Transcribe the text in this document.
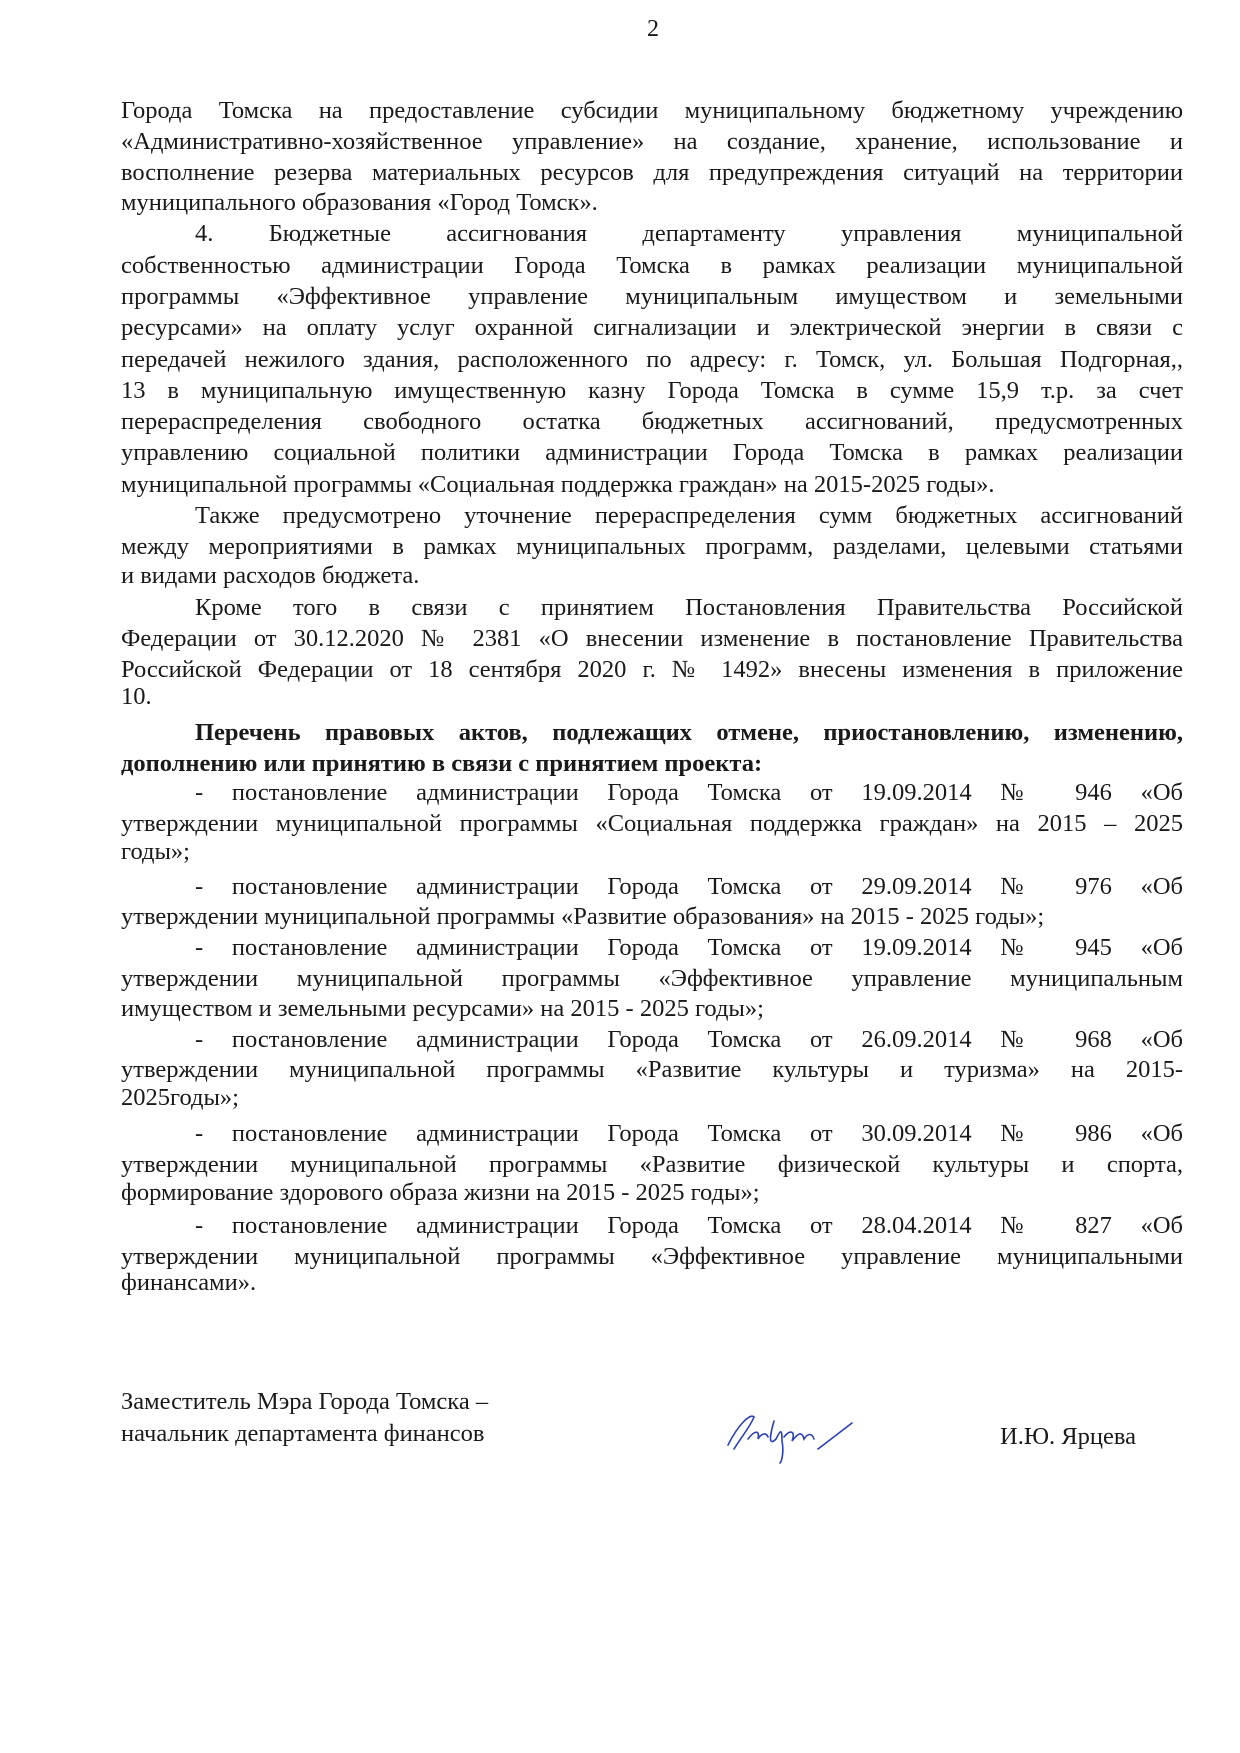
2
Города Томска на предоставление субсидии муниципальному бюджетному учреждению
«Административно-хозяйственное управление» на создание, хранение, использование и
восполнение резерва материальных ресурсов для предупреждения ситуаций на территории
муниципального образования «Город Томск».
4. Бюджетные ассигнования департаменту управления муниципальной
собственностью администрации Города Томска в рамках реализации муниципальной
программы «Эффективное управление муниципальным имуществом и земельными
ресурсами» на оплату услуг охранной сигнализации и электрической энергии в связи с
передачей нежилого здания, расположенного по адресу: г. Томск, ул. Большая Подгорная,,
13 в муниципальную имущественную казну Города Томска в сумме 15,9 т.р. за счет
перераспределения свободного остатка бюджетных ассигнований, предусмотренных
управлению социальной политики администрации Города Томска в рамках реализации
муниципальной программы «Социальная поддержка граждан» на 2015-2025 годы».
Также предусмотрено уточнение перераспределения сумм бюджетных ассигнований
между мероприятиями в рамках муниципальных программ, разделами, целевыми статьями
и видами расходов бюджета.
Кроме того в связи с принятием Постановления Правительства Российской
Федерации от 30.12.2020 № 2381 «О внесении изменение в постановление Правительства
Российской Федерации от 18 сентября 2020 г. № 1492» внесены изменения в приложение
10.
Перечень правовых актов, подлежащих отмене, приостановлению, изменению,
дополнению или принятию в связи с принятием проекта:
- постановление администрации Города Томска от 19.09.2014 № 946 «Об
утверждении муниципальной программы «Социальная поддержка граждан» на 2015 – 2025
годы»;
- постановление администрации Города Томска от 29.09.2014 № 976 «Об
утверждении муниципальной программы «Развитие образования» на 2015 - 2025 годы»;
- постановление администрации Города Томска от 19.09.2014 № 945 «Об
утверждении муниципальной программы «Эффективное управление муниципальным
имуществом и земельными ресурсами» на 2015 - 2025 годы»;
- постановление администрации Города Томска от 26.09.2014 № 968 «Об
утверждении муниципальной программы «Развитие культуры и туризма» на 2015-
2025годы»;
- постановление администрации Города Томска от 30.09.2014 № 986 «Об
утверждении муниципальной программы «Развитие физической культуры и спорта,
формирование здорового образа жизни на 2015 - 2025 годы»;
- постановление администрации Города Томска от 28.04.2014 № 827 «Об
утверждении муниципальной программы «Эффективное управление муниципальными
финансами».
Заместитель Мэра Города Томска –
начальник департамента финансов	И.Ю. Ярцева
